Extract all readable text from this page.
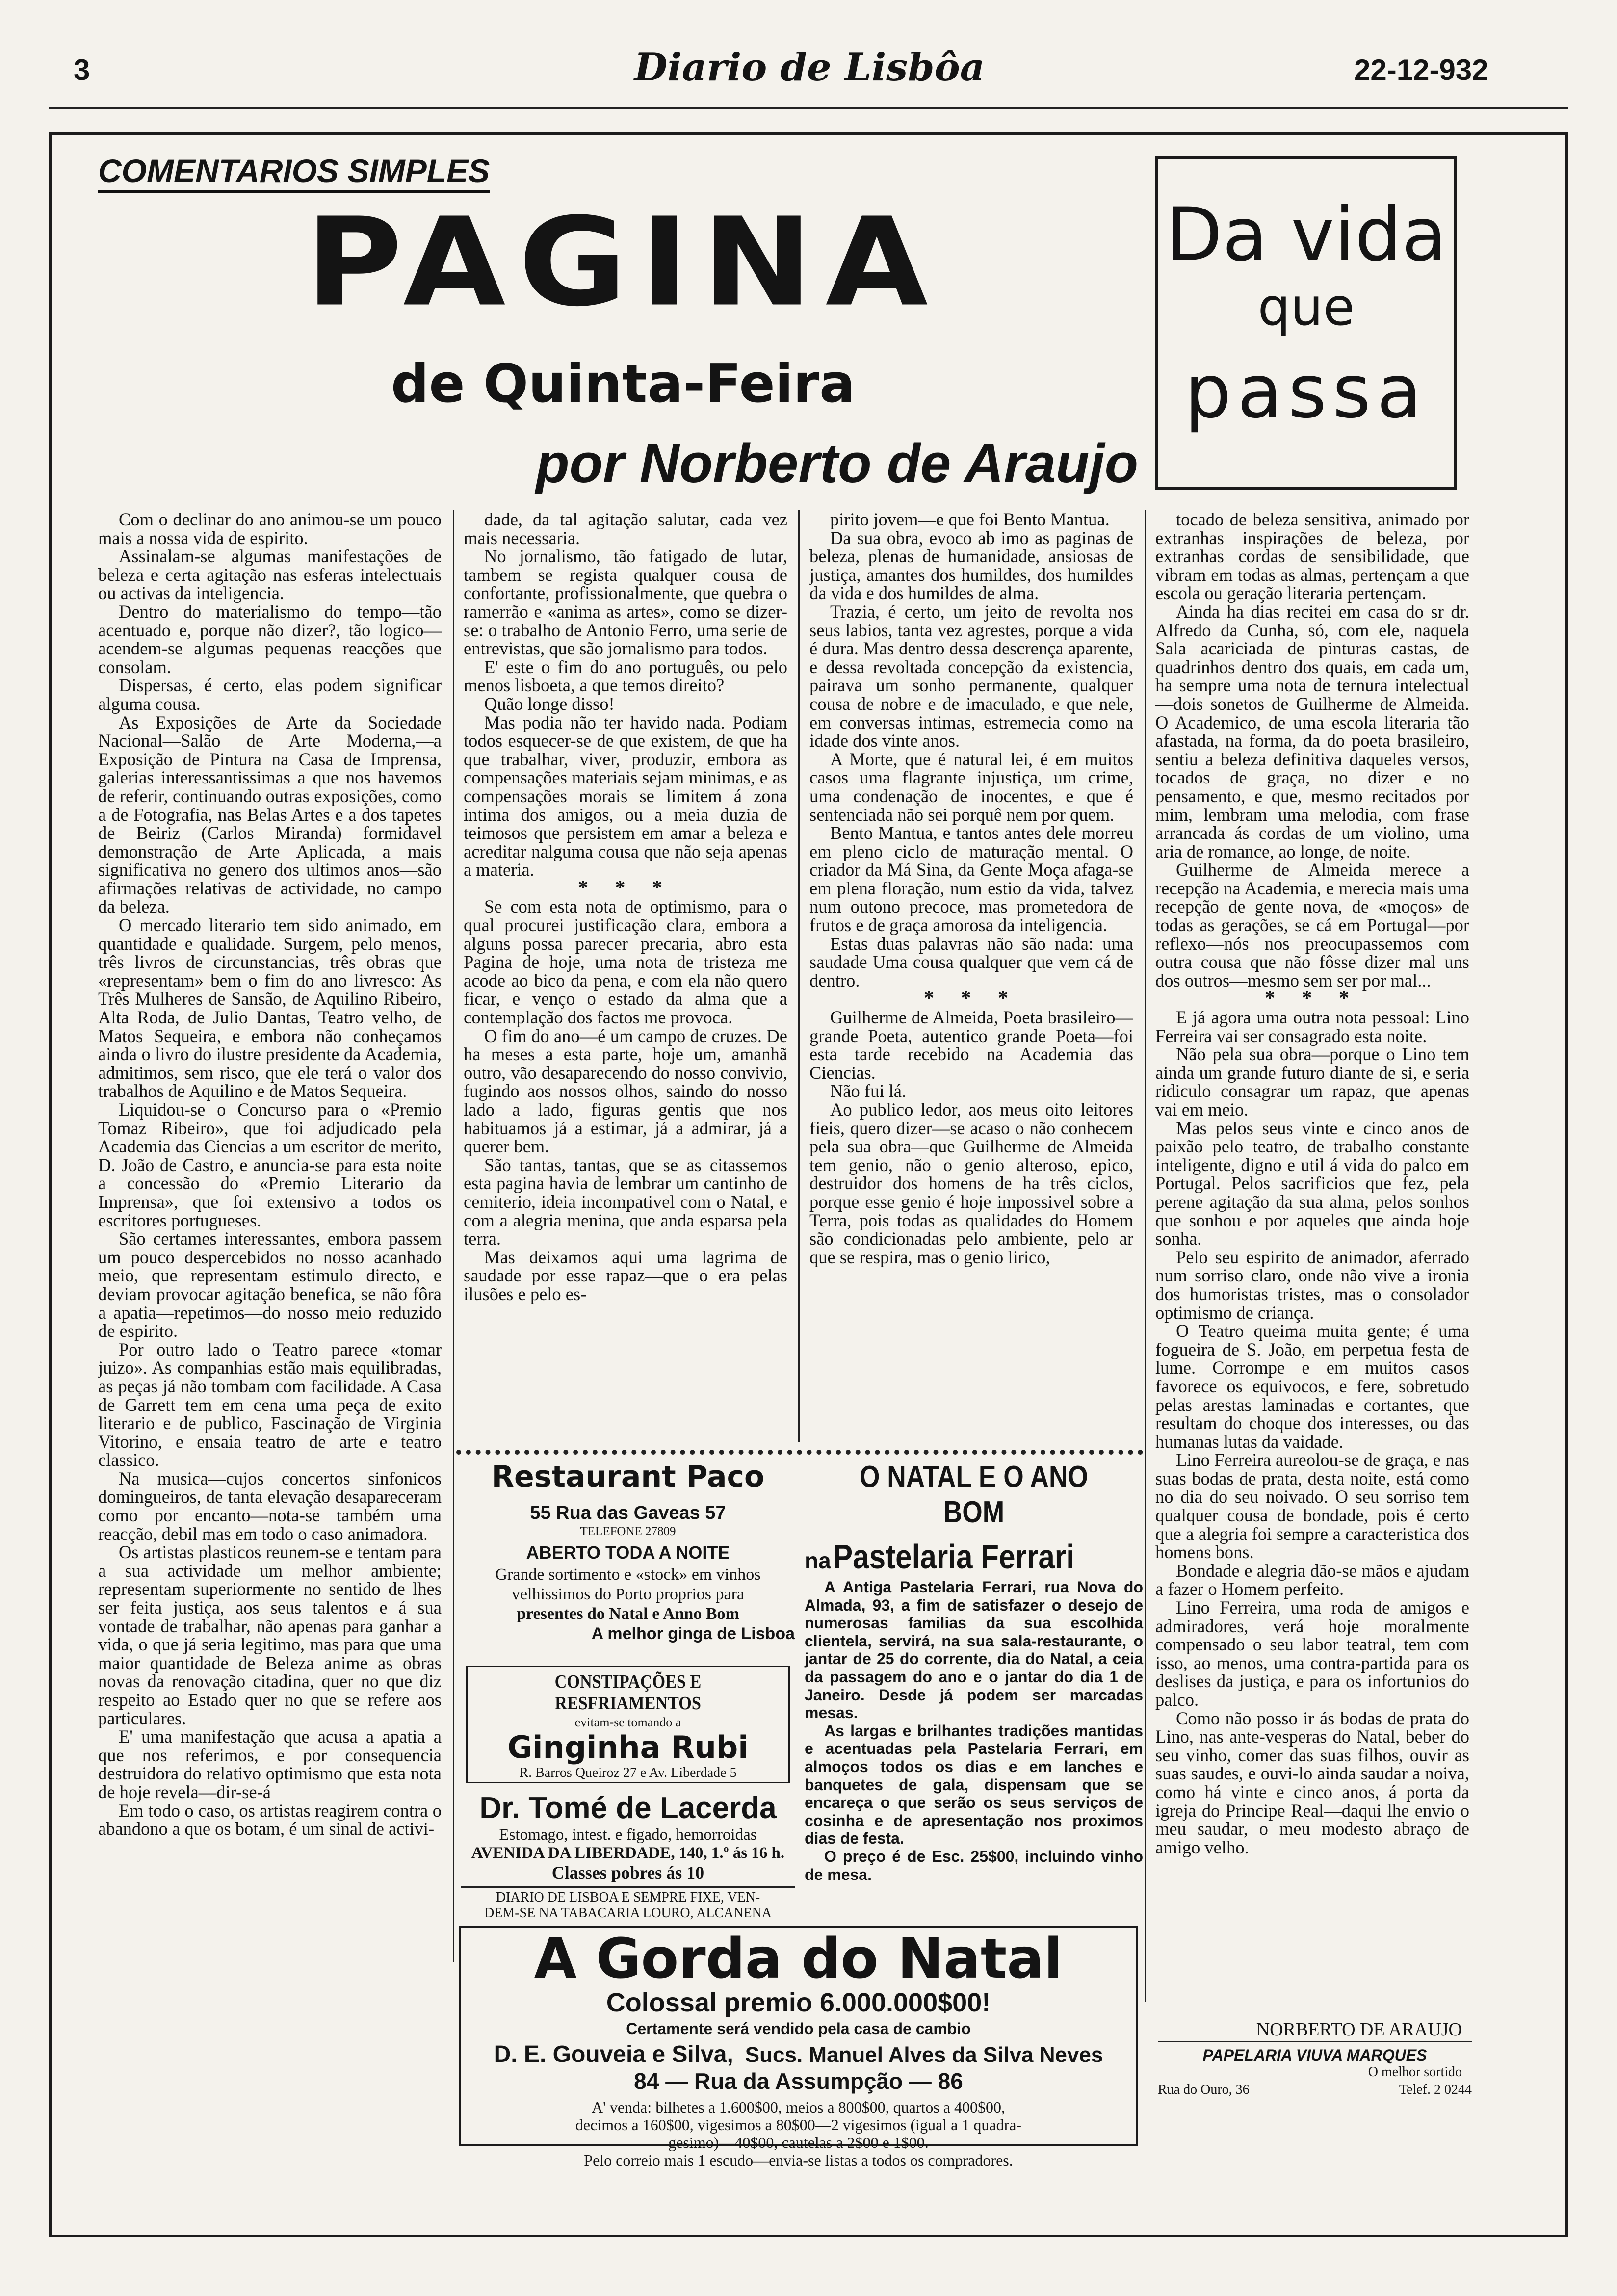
3	Diario de Lisbôa	22-12-932
COMENTARIOS SIMPLES
PAGINA
de Quinta-Feira
por Norberto de Araujo
Da vida
que
passa

Com o declinar do ano animou-se um pouco mais a nossa vida de espirito.

Assinalam-se algumas manifestações de beleza e certa agitação nas esferas intelectuais ou activas da inteligencia.

Dentro do materialismo do tempo—tão acentuado e, porque não dizer?, tão logico—acendem-se algumas pequenas reacções que consolam.

Dispersas, é certo, elas podem significar alguma cousa.

As Exposições de Arte da Sociedade Nacional—Salão de Arte Moderna,—a Exposição de Pintura na Casa de Imprensa, galerias interessantissimas a que nos havemos de referir, continuando outras exposições, como a de Fotografia, nas Belas Artes e a dos tapetes de Beiriz (Carlos Miranda) formidavel demonstração de Arte Aplicada, a mais significativa no genero dos ultimos anos—são afirmações relativas de actividade, no campo da beleza.

O mercado literario tem sido animado, em quantidade e qualidade. Surgem, pelo menos, três livros de circunstancias, três obras que «representam» bem o fim do ano livresco: As Três Mulheres de Sansão, de Aquilino Ribeiro, Alta Roda, de Julio Dantas, Teatro velho, de Matos Sequeira, e embora não conheçamos ainda o livro do ilustre presidente da Academia, admitimos, sem risco, que ele terá o valor dos trabalhos de Aquilino e de Matos Sequeira.

Liquidou-se o Concurso para o «Premio Tomaz Ribeiro», que foi adjudicado pela Academia das Ciencias a um escritor de merito, D. João de Castro, e anuncia-se para esta noite a concessão do «Premio Literario da Imprensa», que foi extensivo a todos os escritores portugueses.

São certames interessantes, embora passem um pouco despercebidos no nosso acanhado meio, que representam estimulo directo, e deviam provocar agitação benefica, se não fôra a apatia—repetimos—do nosso meio reduzido de espirito.

Por outro lado o Teatro parece «tomar juizo». As companhias estão mais equilibradas, as peças já não tombam com facilidade. A Casa de Garrett tem em cena uma peça de exito literario e de publico, Fascinação de Virginia Vitorino, e ensaia teatro de arte e teatro classico.

Na musica—cujos concertos sinfonicos domingueiros, de tanta elevação desapareceram como por encanto—nota-se também uma reacção, debil mas em todo o caso animadora.

Os artistas plasticos reunem-se e tentam para a sua actividade um melhor ambiente; representam superiormente no sentido de lhes ser feita justiça, aos seus talentos e á sua vontade de trabalhar, não apenas para ganhar a vida, o que já seria legitimo, mas para que uma maior quantidade de Beleza anime as obras novas da renovação citadina, quer no que diz respeito ao Estado quer no que se refere aos particulares.

E' uma manifestação que acusa a apatia a que nos referimos, e por consequencia destruidora do relativo optimismo que esta nota de hoje revela—dir-se-á

Em todo o caso, os artistas reagirem contra o abandono a que os botam, é um sinal de activi-

dade, da tal agitação salutar, cada vez mais necessaria.

No jornalismo, tão fatigado de lutar, tambem se regista qualquer cousa de confortante, profissionalmente, que quebra o ramerrão e «anima as artes», como se dizer-se: o trabalho de Antonio Ferro, uma serie de entrevistas, que são jornalismo para todos.

E' este o fim do ano português, ou pelo menos lisboeta, a que temos direito?

Quão longe disso!

Mas podia não ter havido nada. Podiam todos esquecer-se de que existem, de que ha que trabalhar, viver, produzir, embora as compensações materiais sejam minimas, e as compensações morais se limitem á zona intima dos amigos, ou a meia duzia de teimosos que persistem em amar a beleza e acreditar nalguma cousa que não seja apenas a materia.

* * *

Se com esta nota de optimismo, para o qual procurei justificação clara, embora a alguns possa parecer precaria, abro esta Pagina de hoje, uma nota de tristeza me acode ao bico da pena, e com ela não quero ficar, e venço o estado da alma que a contemplação dos factos me provoca.

O fim do ano—é um campo de cruzes. De ha meses a esta parte, hoje um, amanhã outro, vão desaparecendo do nosso convivio, fugindo aos nossos olhos, saindo do nosso lado a lado, figuras gentis que nos habituamos já a estimar, já a admirar, já a querer bem.

São tantas, tantas, que se as citassemos esta pagina havia de lembrar um cantinho de cemiterio, ideia incompativel com o Natal, e com a alegria menina, que anda esparsa pela terra.

Mas deixamos aqui uma lagrima de saudade por esse rapaz—que o era pelas ilusões e pelo es-

pirito jovem—e que foi Bento Mantua.

Da sua obra, evoco ab imo as paginas de beleza, plenas de humanidade, ansiosas de justiça, amantes dos humildes, dos humildes da vida e dos humildes de alma.

Trazia, é certo, um jeito de revolta nos seus labios, tanta vez agrestes, porque a vida é dura. Mas dentro dessa descrença aparente, e dessa revoltada concepção da existencia, pairava um sonho permanente, qualquer cousa de nobre e de imaculado, e que nele, em conversas intimas, estremecia como na idade dos vinte anos.

A Morte, que é natural lei, é em muitos casos uma flagrante injustiça, um crime, uma condenação de inocentes, e que é sentenciada não sei porquê nem por quem.

Bento Mantua, e tantos antes dele morreu em pleno ciclo de maturação mental. O criador da Má Sina, da Gente Moça afaga-se em plena floração, num estio da vida, talvez num outono precoce, mas prometedora de frutos e de graça amorosa da inteligencia.

Estas duas palavras não são nada: uma saudade Uma cousa qualquer que vem cá de dentro.

* * *

Guilherme de Almeida, Poeta brasileiro—grande Poeta, autentico grande Poeta—foi esta tarde recebido na Academia das Ciencias.

Não fui lá.

Ao publico ledor, aos meus oito leitores fieis, quero dizer—se acaso o não conhecem pela sua obra—que Guilherme de Almeida tem genio, não o genio alteroso, epico, destruidor dos homens de ha três ciclos, porque esse genio é hoje impossivel sobre a Terra, pois todas as qualidades do Homem são condicionadas pelo ambiente, pelo ar que se respira, mas o genio lirico,

tocado de beleza sensitiva, animado por extranhas inspirações de beleza, por extranhas cordas de sensibilidade, que vibram em todas as almas, pertençam a que escola ou geração literaria pertençam.

Ainda ha dias recitei em casa do sr dr. Alfredo da Cunha, só, com ele, naquela Sala acariciada de pinturas castas, de quadrinhos dentro dos quais, em cada um, ha sempre uma nota de ternura intelectual—dois sonetos de Guilherme de Almeida. O Academico, de uma escola literaria tão afastada, na forma, da do poeta brasileiro, sentiu a beleza definitiva daqueles versos, tocados de graça, no dizer e no pensamento, e que, mesmo recitados por mim, lembram uma melodia, com frase arrancada ás cordas de um violino, uma aria de romance, ao longe, de noite.

Guilherme de Almeida merece a recepção na Academia, e merecia mais uma recepção de gente nova, de «moços» de todas as gerações, se cá em Portugal—por reflexo—nós nos preocupassemos com outra cousa que não fôsse dizer mal uns dos outros—mesmo sem ser por mal...

* * *

E já agora uma outra nota pessoal: Lino Ferreira vai ser consagrado esta noite.

Não pela sua obra—porque o Lino tem ainda um grande futuro diante de si, e seria ridiculo consagrar um rapaz, que apenas vai em meio.

Mas pelos seus vinte e cinco anos de paixão pelo teatro, de trabalho constante inteligente, digno e util á vida do palco em Portugal. Pelos sacrificios que fez, pela perene agitação da sua alma, pelos sonhos que sonhou e por aqueles que ainda hoje sonha.

Pelo seu espirito de animador, aferrado num sorriso claro, onde não vive a ironia dos humoristas tristes, mas o consolador optimismo de criança.

O Teatro queima muita gente; é uma fogueira de S. João, em perpetua festa de lume. Corrompe e em muitos casos favorece os equivocos, e fere, sobretudo pelas arestas laminadas e cortantes, que resultam do choque dos interesses, ou das humanas lutas da vaidade.

Lino Ferreira aureolou-se de graça, e nas suas bodas de prata, desta noite, está como no dia do seu noivado. O seu sorriso tem qualquer cousa de bondade, pois é certo que a alegria foi sempre a caracteristica dos homens bons.

Bondade e alegria dão-se mãos e ajudam a fazer o Homem perfeito.

Lino Ferreira, uma roda de amigos e admiradores, verá hoje moralmente compensado o seu labor teatral, tem com isso, ao menos, uma contra-partida para os deslises da justiça, e para os infortunios do palco.

Como não posso ir ás bodas de prata do Lino, nas ante-vesperas do Natal, beber do seu vinho, comer das suas filhos, ouvir as suas saudes, e ouvi-lo ainda saudar a noiva, como há vinte e cinco anos, á porta da igreja do Principe Real—daqui lhe envio o meu saudar, o meu modesto abraço de amigo velho.

NORBERTO DE ARAUJO
Restaurant Paco
55 Rua das Gaveas 57
TELEFONE 27809
ABERTO TODA A NOITE
Grande sortimento e «stock» em vinhos
velhissimos do Porto proprios para
presentes do Natal e Anno Bom
A melhor ginga de Lisboa
CONSTIPAÇÕES E RESFRIAMENTOS
evitam-se tomando a
Ginginha Rubi
R. Barros Queiroz 27 e Av. Liberdade 5
Dr. Tomé de Lacerda
Estomago, intest. e figado, hemorroidas
AVENIDA DA LIBERDADE, 140, 1.º ás 16 h.
Classes pobres ás 10
DIARIO DE LISBOA E SEMPRE FIXE, VEN-
DEM-SE NA TABACARIA LOURO, ALCANENA
O NATAL E O ANO BOM
na Pastelaria Ferrari
A Antiga Pastelaria Ferrari, rua Nova do Almada, 93, a fim de satisfazer o desejo de numerosas familias da sua escolhida clientela, servirá, na sua sala-restaurante, o jantar de 25 do corrente, dia do Natal, a ceia da passagem do ano e o jantar do dia 1 de Janeiro. Desde já podem ser marcadas mesas.
As largas e brilhantes tradições mantidas e acentuadas pela Pastelaria Ferrari, em almoços todos os dias e em lanches e banquetes de gala, dispensam que se encareça o que serão os seus serviços de cosinha e de apresentação nos proximos dias de festa.
O preço é de Esc. 25$00, incluindo vinho de mesa.
A Gorda do Natal
Colossal premio 6.000.000$00!
Certamente será vendido pela casa de cambio
D. E. Gouveia e Silva, Sucs. Manuel Alves da Silva Neves
84 — Rua da Assumpção — 86
A' venda: bilhetes a 1.600$00, meios a 800$00, quartos a 400$00,
decimos a 160$00, vigesimos a 80$00—2 vigesimos (igual a 1 quadra-
gesimo)—40$00, cautelas a 2$00 e 1$00.
Pelo correio mais 1 escudo—envia-se listas a todos os compradores.
PAPELARIA VIUVA MARQUES
O melhor sortido
Rua do Ouro, 36	Telef. 2 0244
